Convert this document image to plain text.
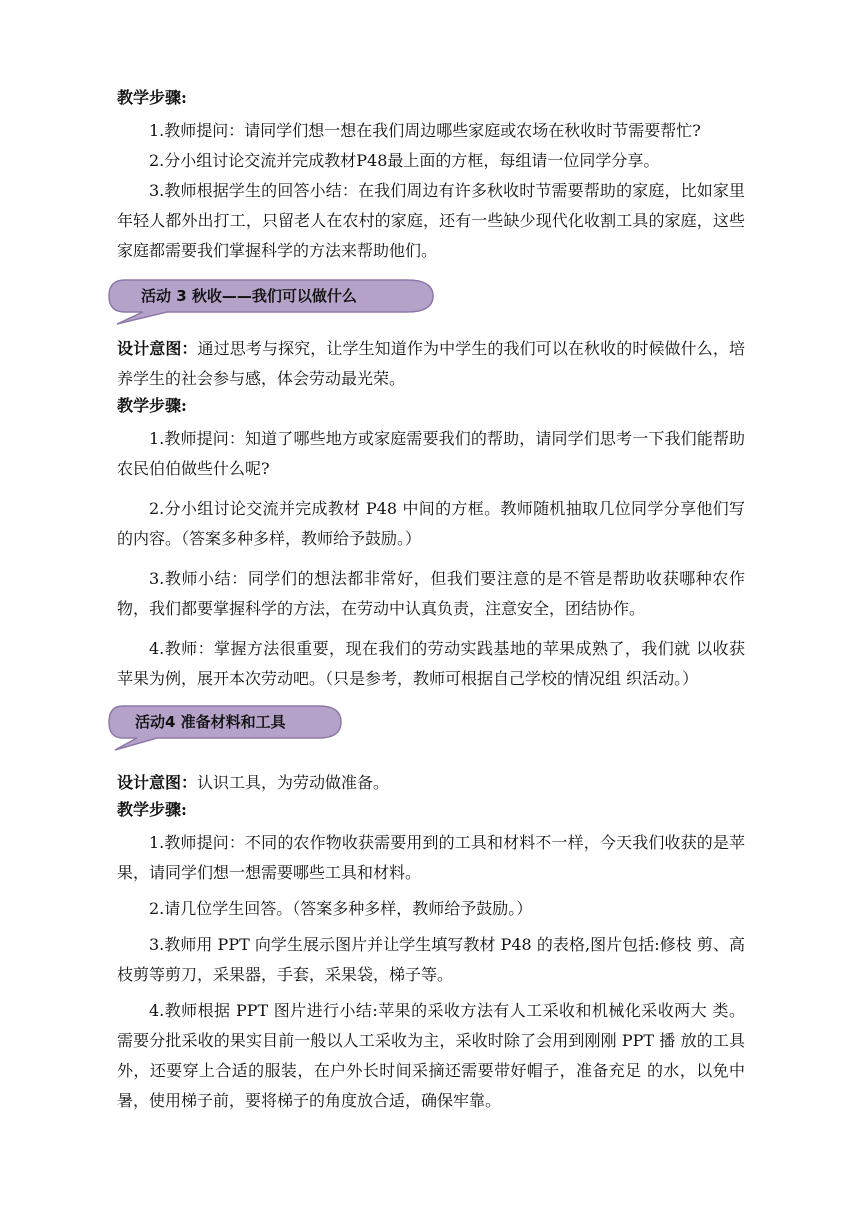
教学步骤:

1.教师提问：请同学们想一想在我们周边哪些家庭或农场在秋收时节需要帮忙?

2.分小组讨论交流并完成教材P48最上面的方框，每组请一位同学分享。

3.教师根据学生的回答小结：在我们周边有许多秋收时节需要帮助的家庭，比如家里年轻人都外出打工，只留老人在农村的家庭，还有一些缺少现代化收割工具的家庭，这些家庭都需要我们掌握科学的方法来帮助他们。

活动 3 秋收——我们可以做什么

设计意图：通过思考与探究，让学生知道作为中学生的我们可以在秋收的时候做什么，培养学生的社会参与感，体会劳动最光荣。

教学步骤:

1.教师提问：知道了哪些地方或家庭需要我们的帮助，请同学们思考一下我们能帮助农民伯伯做些什么呢?

2.分小组讨论交流并完成教材 P48 中间的方框。教师随机抽取几位同学分享他们写的内容。（答案多种多样，教师给予鼓励。）

3.教师小结：同学们的想法都非常好，但我们要注意的是不管是帮助收获哪种农作物，我们都要掌握科学的方法，在劳动中认真负责，注意安全，团结协作。

4.教师：掌握方法很重要，现在我们的劳动实践基地的苹果成熟了，我们就 以收获苹果为例，展开本次劳动吧。（只是参考，教师可根据自己学校的情况组 织活动。）

活动4 准备材料和工具

设计意图：认识工具，为劳动做准备。

教学步骤:

1.教师提问：不同的农作物收获需要用到的工具和材料不一样，今天我们收获的是苹果，请同学们想一想需要哪些工具和材料。

2.请几位学生回答。（答案多种多样，教师给予鼓励。）

3.教师用 PPT 向学生展示图片并让学生填写教材 P48 的表格,图片包括:修枝 剪、高枝剪等剪刀，采果器，手套，采果袋，梯子等。

4.教师根据 PPT 图片进行小结:苹果的采收方法有人工采收和机械化采收两大 类。需要分批采收的果实目前一般以人工采收为主，采收时除了会用到刚刚 PPT 播 放的工具外，还要穿上合适的服装，在户外长时间采摘还需要带好帽子，准备充足 的水，以免中暑，使用梯子前，要将梯子的角度放合适，确保牢靠。
